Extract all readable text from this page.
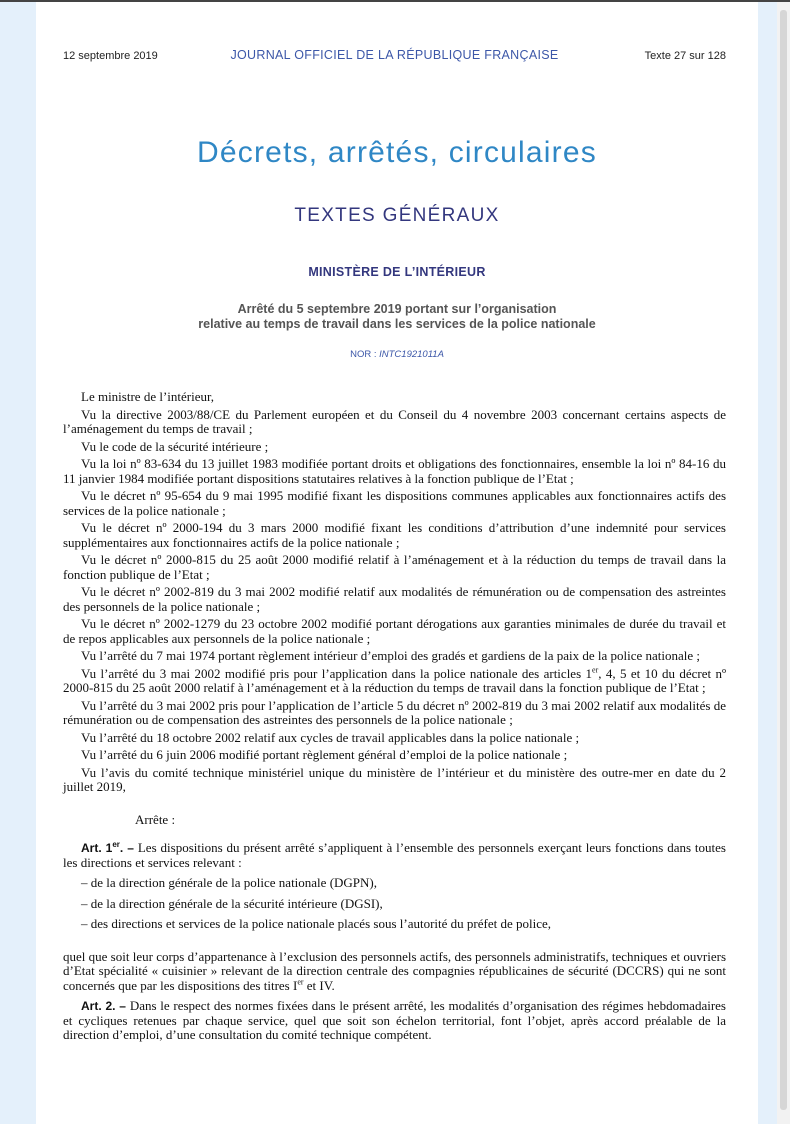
12 septembre 2019	JOURNAL OFFICIEL DE LA RÉPUBLIQUE FRANÇAISE	Texte 27 sur 128
Décrets, arrêtés, circulaires
TEXTES GÉNÉRAUX
MINISTÈRE DE L’INTÉRIEUR
Arrêté du 5 septembre 2019 portant sur l’organisation
relative au temps de travail dans les services de la police nationale
NOR : INTC1921011A

Le ministre de l’intérieur,

Vu la directive 2003/88/CE du Parlement européen et du Conseil du 4 novembre 2003 concernant certains aspects de l’aménagement du temps de travail ;

Vu le code de la sécurité intérieure ;

Vu la loi nº 83-634 du 13 juillet 1983 modifiée portant droits et obligations des fonctionnaires, ensemble la loi nº 84-16 du 11 janvier 1984 modifiée portant dispositions statutaires relatives à la fonction publique de l’Etat ;

Vu le décret nº 95-654 du 9 mai 1995 modifié fixant les dispositions communes applicables aux fonctionnaires actifs des services de la police nationale ;

Vu le décret nº 2000-194 du 3 mars 2000 modifié fixant les conditions d’attribution d’une indemnité pour services supplémentaires aux fonctionnaires actifs de la police nationale ;

Vu le décret nº 2000-815 du 25 août 2000 modifié relatif à l’aménagement et à la réduction du temps de travail dans la fonction publique de l’Etat ;

Vu le décret nº 2002-819 du 3 mai 2002 modifié relatif aux modalités de rémunération ou de compensation des astreintes des personnels de la police nationale ;

Vu le décret nº 2002-1279 du 23 octobre 2002 modifié portant dérogations aux garanties minimales de durée du travail et de repos applicables aux personnels de la police nationale ;

Vu l’arrêté du 7 mai 1974 portant règlement intérieur d’emploi des gradés et gardiens de la paix de la police nationale ;

Vu l’arrêté du 3 mai 2002 modifié pris pour l’application dans la police nationale des articles 1er, 4, 5 et 10 du décret nº 2000-815 du 25 août 2000 relatif à l’aménagement et à la réduction du temps de travail dans la fonction publique de l’Etat ;

Vu l’arrêté du 3 mai 2002 pris pour l’application de l’article 5 du décret nº 2002-819 du 3 mai 2002 relatif aux modalités de rémunération ou de compensation des astreintes des personnels de la police nationale ;

Vu l’arrêté du 18 octobre 2002 relatif aux cycles de travail applicables dans la police nationale ;

Vu l’arrêté du 6 juin 2006 modifié portant règlement général d’emploi de la police nationale ;

Vu l’avis du comité technique ministériel unique du ministère de l’intérieur et du ministère des outre-mer en date du 2 juillet 2019,

Arrête :

Art. 1er. – Les dispositions du présent arrêté s’appliquent à l’ensemble des personnels exerçant leurs fonctions dans toutes les directions et services relevant :

– de la direction générale de la police nationale (DGPN),
– de la direction générale de la sécurité intérieure (DGSI),
– des directions et services de la police nationale placés sous l’autorité du préfet de police,

quel que soit leur corps d’appartenance à l’exclusion des personnels actifs, des personnels administratifs, techniques et ouvriers d’Etat spécialité « cuisinier » relevant de la direction centrale des compagnies républicaines de sécurité (DCCRS) qui ne sont concernés que par les dispositions des titres Ier et IV.

Art. 2. – Dans le respect des normes fixées dans le présent arrêté, les modalités d’organisation des régimes hebdomadaires et cycliques retenues par chaque service, quel que soit son échelon territorial, font l’objet, après accord préalable de la direction d’emploi, d’une consultation du comité technique compétent.
